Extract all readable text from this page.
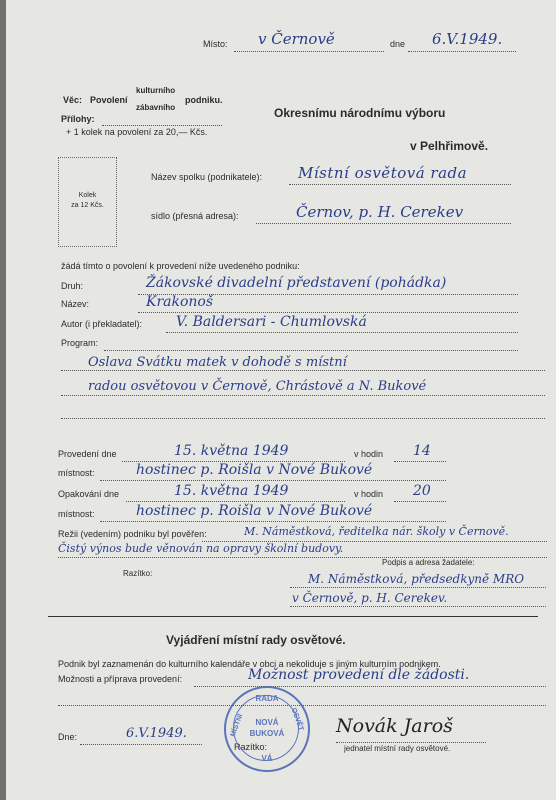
Místo: v Černově	dne 6.V.1949.
Věc: Povolení
kulturního
zábavního
podniku.
Přílohy:
+ 1 kolek na povolení za 20,— Kčs.
Okresnímu národnímu výboru
v Pelhřimově.
Kolek
za 12 Kčs.
Název spolku (podnikatele): Místní osvětová rada
sídlo (přesná adresa):	Černov, p. H. Cerekev
žádá tímto o povolení k provedení níže uvedeného podniku:
Druh:	Žákovské divadelní představení (pohádka)
Název:	Krakonoš
Autor (i překladatel): V. Baldersari - Chumlovská
Program:
Oslava Svátku matek v dohodě s místní
radou osvětovou v Černově, Chrástově a N. Bukové
Provedení dne	15. května 1949	v hodin 14
místnost:	hostinec p. Roišla v Nové Bukové
Opakování dne	15. května 1949	v hodin 20
místnost:	hostinec p. Roišla v Nové Bukové
Režii (vedením) podniku byl pověřen:	M. Náměstková, ředitelka nár. školy v Černově.
Čistý výnos bude věnován na opravy školní budovy.
Podpis a adresa žadatele:
Razítko:	M. Náměstková, předsedkyně MRO
v Černově, p. H. Cerekev.
Vyjádření místní rady osvětové.
Podnik byl zaznamenán do kulturního kalendáře v obci a nekoliduje s jiným kulturním podnikem.
Možnosti a příprava provedení:	Možnost provedení dle žádosti.
Dne:	6.V.1949.
Razítko:
RADA
NOVÁ
BUKOVÁ
MÍSTNÍ	OSVĚT
VÁ
Novák Jaroš
jednatel místní rady osvětové.
